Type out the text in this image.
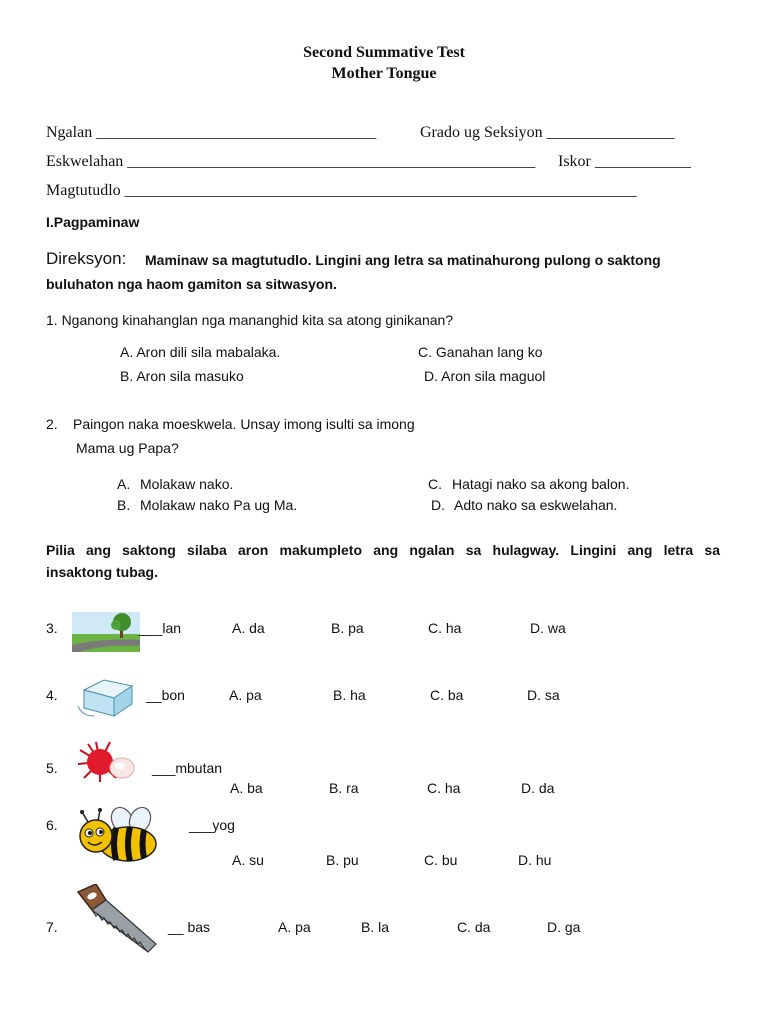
Second Summative Test
Mother Tongue
Ngalan ___________________________________	Grado ug Seksiyon ________________
Eskwelahan ___________________________________________________ Iskor ____________
Magtutudlo ________________________________________________________________
I.Pagpaminaw
Direksyon: Maminaw sa magtutudlo. Lingini ang letra sa matinahurong pulong o saktong
buluhaton nga haom gamiton sa sitwasyon.
1. Nganong kinahanglan nga mananghid kita sa atong ginikanan?
A. Aron dili sila mabalaka.	C. Ganahan lang ko
B. Aron sila masuko	D. Aron sila maguol
2. Paingon naka moeskwela. Unsay imong isulti sa imong
Mama ug Papa?
A. Molakaw nako.	C. Hatagi nako sa akong balon.
B. Molakaw nako Pa ug Ma.	D. Adto nako sa eskwelahan.
Pilia ang saktong silaba aron makumpleto ang ngalan sa hulagway. Lingini ang letra sa
insaktong tubag.
3.	___lan	A. da	B. pa	C. ha	D. wa
4.	__bon	A. pa	B. ha	C. ba	D. sa
5.	___mbutan
A. ba	B. ra	C. ha	D. da
6.	___yog
A. su	B. pu	C. bu	D. hu
7.	__ bas	A. pa	B. la	C. da	D. ga
